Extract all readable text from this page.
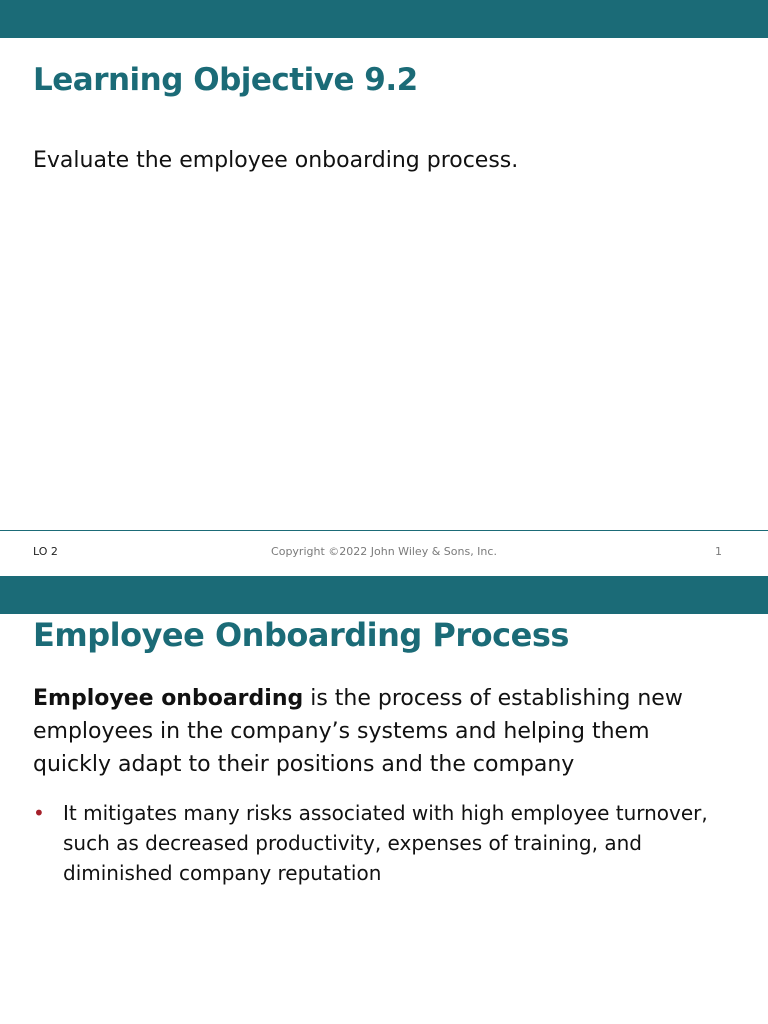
Learning Objective 9.2

Evaluate the employee onboarding process.

LO 2	Copyright ©2022 John Wiley & Sons, Inc.	1
Employee Onboarding Process

Employee onboarding is the process of establishing new employees in the company’s systems and helping them quickly adapt to their positions and the company

• It mitigates many risks associated with high employee turnover, such as decreased productivity, expenses of training, and diminished company reputation
